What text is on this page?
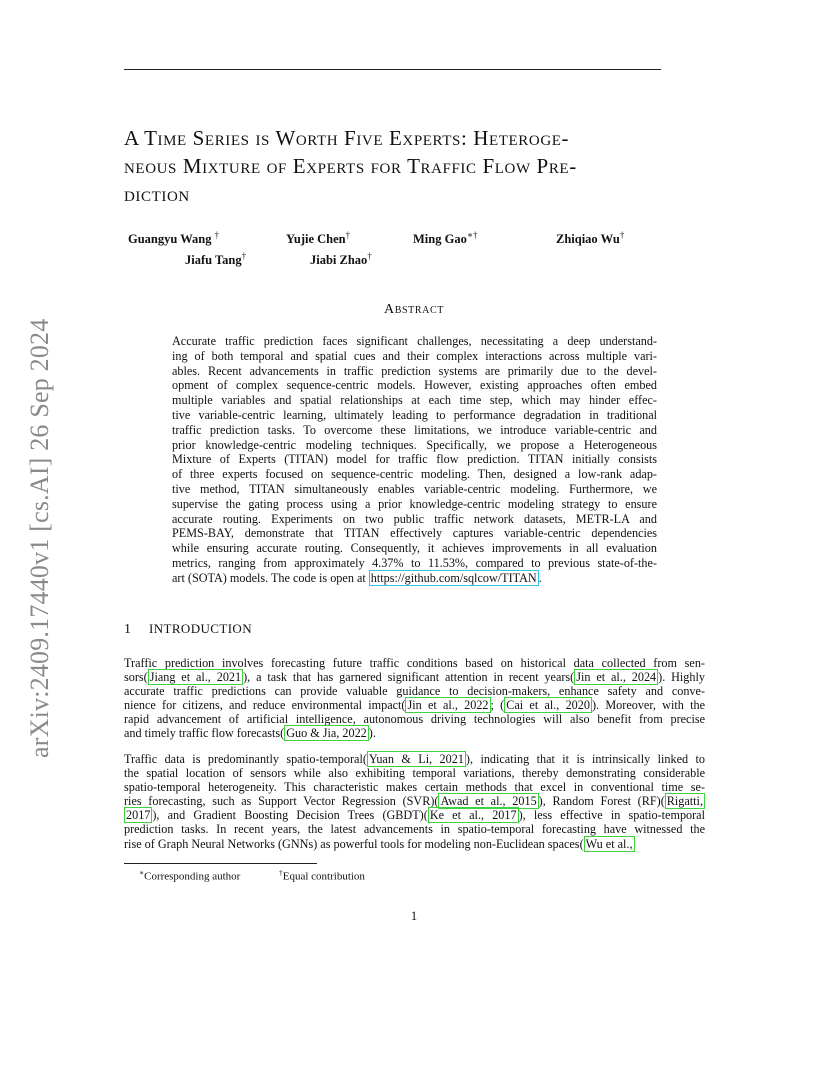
arXiv:2409.17440v1 [cs.AI] 26 Sep 2024
A Time Series is Worth Five Experts: Heteroge-
neous Mixture of Experts for Traffic Flow Pre-
diction
Guangyu Wang †	Yujie Chen†	Ming Gao∗†	Zhiqiao Wu†
Jiafu Tang†	Jiabi Zhao†
Abstract
Accurate traffic prediction faces significant challenges, necessitating a deep understand-
ing of both temporal and spatial cues and their complex interactions across multiple vari-
ables. Recent advancements in traffic prediction systems are primarily due to the devel-
opment of complex sequence-centric models. However, existing approaches often embed
multiple variables and spatial relationships at each time step, which may hinder effec-
tive variable-centric learning, ultimately leading to performance degradation in traditional
traffic prediction tasks. To overcome these limitations, we introduce variable-centric and
prior knowledge-centric modeling techniques. Specifically, we propose a Heterogeneous
Mixture of Experts (TITAN) model for traffic flow prediction. TITAN initially consists
of three experts focused on sequence-centric modeling. Then, designed a low-rank adap-
tive method, TITAN simultaneously enables variable-centric modeling. Furthermore, we
supervise the gating process using a prior knowledge-centric modeling strategy to ensure
accurate routing. Experiments on two public traffic network datasets, METR-LA and
PEMS-BAY, demonstrate that TITAN effectively captures variable-centric dependencies
while ensuring accurate routing. Consequently, it achieves improvements in all evaluation
metrics, ranging from approximately 4.37% to 11.53%, compared to previous state-of-the-
art (SOTA) models. The code is open at https://github.com/sqlcow/TITAN .
1 INTRODUCTION
Traffic prediction involves forecasting future traffic conditions based on historical data collected from sen-
sors( Jiang et al., 2021 ), a task that has garnered significant attention in recent years( Jin et al., 2024 ). Highly
accurate traffic predictions can provide valuable guidance to decision-makers, enhance safety and conve-
nience for citizens, and reduce environmental impact( Jin et al., 2022 ; ( Cai et al., 2020 ). Moreover, with the
rapid advancement of artificial intelligence, autonomous driving technologies will also benefit from precise
and timely traffic flow forecasts( Guo & Jia, 2022 ).
Traffic data is predominantly spatio-temporal( Yuan & Li, 2021 ), indicating that it is intrinsically linked to
the spatial location of sensors while also exhibiting temporal variations, thereby demonstrating considerable
spatio-temporal heterogeneity. This characteristic makes certain methods that excel in conventional time se-
ries forecasting, such as Support Vector Regression (SVR)( Awad et al., 2015 ), Random Forest (RF)( Rigatti,
2017 ), and Gradient Boosting Decision Trees (GBDT)( Ke et al., 2017 ), less effective in spatio-temporal
prediction tasks. In recent years, the latest advancements in spatio-temporal forecasting have witnessed the
rise of Graph Neural Networks (GNNs) as powerful tools for modeling non-Euclidean spaces( Wu et al.,
∗Corresponding author	†Equal contribution
1
